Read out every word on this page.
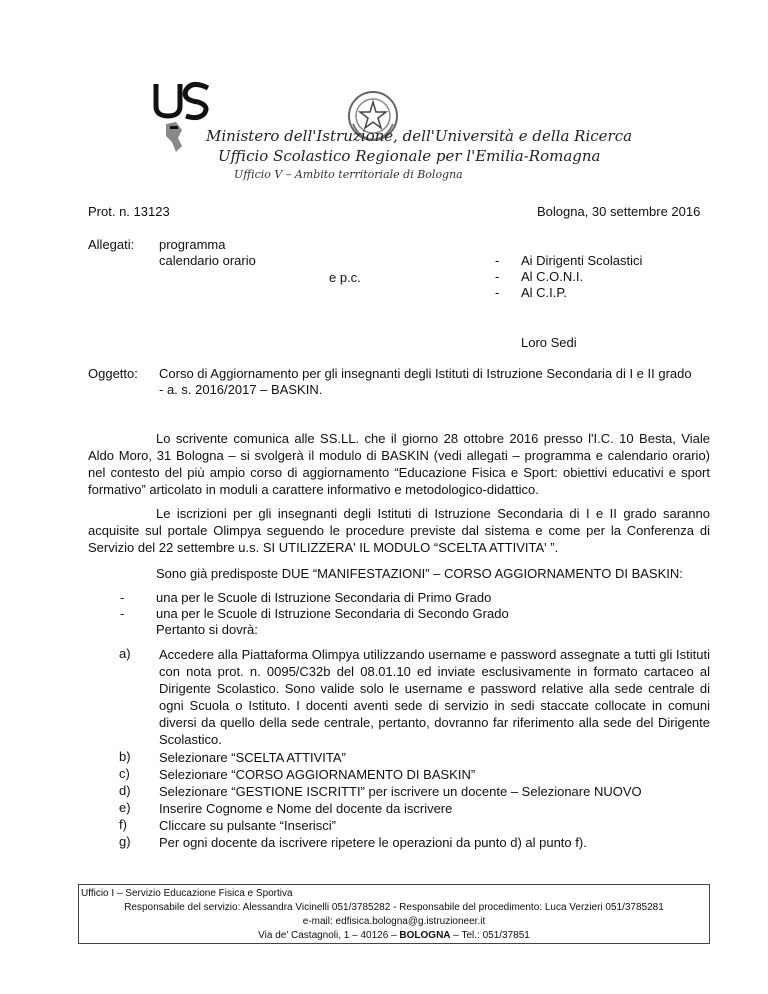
Ministero dell'Istruzione, dell'Università e della Ricerca
Ufficio Scolastico Regionale per l'Emilia-Romagna
Ufficio V – Ambito territoriale di Bologna
Prot. n. 13123	Bologna, 30 settembre 2016
Allegati: programma
calendario orario
e p.c.
-
-
-
Ai Dirigenti Scolastici
Al C.O.N.I.
Al C.I.P.
Loro Sedi
Oggetto: Corso di Aggiornamento per gli insegnanti degli Istituti di Istruzione Secondaria di I e II grado - a. s. 2016/2017 – BASKIN.
Lo scrivente comunica alle SS.LL. che il giorno 28 ottobre 2016 presso l'I.C. 10 Besta, Viale Aldo Moro, 31 Bologna – si svolgerà il modulo di BASKIN (vedi allegati – programma e calendario orario) nel contesto del più ampio corso di aggiornamento “Educazione Fisica e Sport: obiettivi educativi e sport formativo” articolato in moduli a carattere informativo e metodologico-didattico.
Le iscrizioni per gli insegnanti degli Istituti di Istruzione Secondaria di I e II grado saranno acquisite sul portale Olimpya seguendo le procedure previste dal sistema e come per la Conferenza di Servizio del 22 settembre u.s. SI UTILIZZERA' IL MODULO “SCELTA ATTIVITA' ”.
Sono già predisposte DUE “MANIFESTAZIONI” – CORSO AGGIORNAMENTO DI BASKIN:
-
-
una per le Scuole di Istruzione Secondaria di Primo Grado
una per le Scuole di Istruzione Secondaria di Secondo Grado
Pertanto si dovrà:
a) Accedere alla Piattaforma Olimpya utilizzando username e password assegnate a tutti gli Istituti con nota prot. n. 0095/C32b del 08.01.10 ed inviate esclusivamente in formato cartaceo al Dirigente Scolastico. Sono valide solo le username e password relative alla sede centrale di ogni Scuola o Istituto. I docenti aventi sede di servizio in sedi staccate collocate in comuni diversi da quello della sede centrale, pertanto, dovranno far riferimento alla sede del Dirigente Scolastico.
b) Selezionare “SCELTA ATTIVITA”
c) Selezionare “CORSO AGGIORNAMENTO DI BASKIN”
d) Selezionare “GESTIONE ISCRITTI” per iscrivere un docente – Selezionare NUOVO
e) Inserire Cognome e Nome del docente da iscrivere
f) Cliccare su pulsante “Inserisci”
g) Per ogni docente da iscrivere ripetere le operazioni da punto d) al punto f).
Ufficio I – Servizio Educazione Fisica e Sportiva
Responsabile del servizio: Alessandra Vicinelli 051/3785282 - Responsabile del procedimento: Luca Verzieri 051/3785281
e-mail: edfisica.bologna@g.istruzioneer.it
Via de' Castagnoli, 1 – 40126 – BOLOGNA – Tel.: 051/37851
